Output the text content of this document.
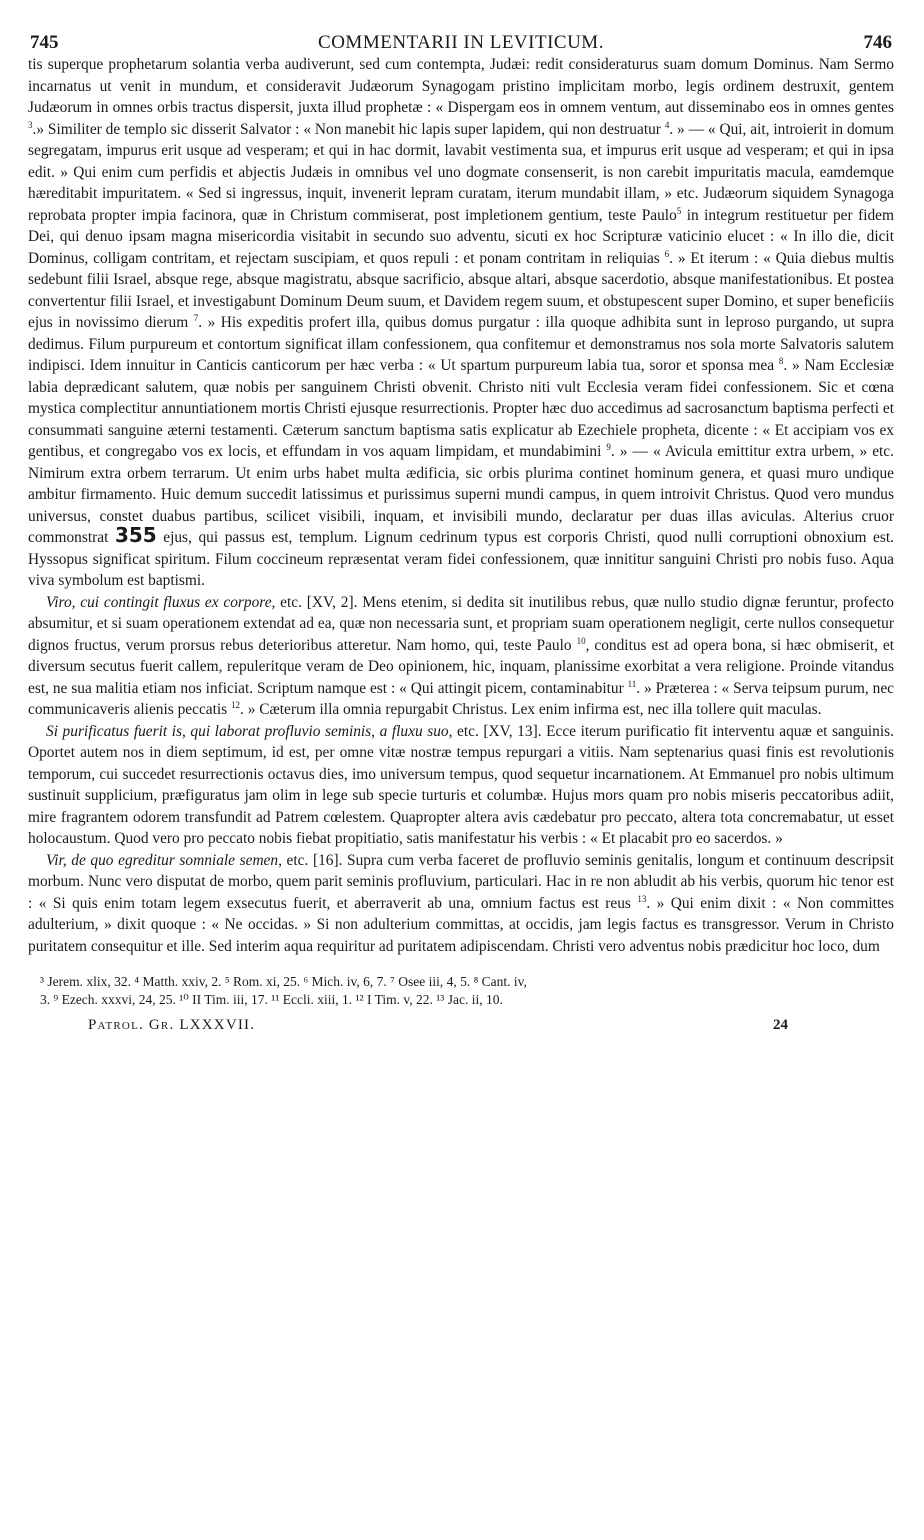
745	COMMENTARII IN LEVITICUM.	746

tis superque prophetarum solantia verba audiverunt, sed cum contempta, Judæi: redit consideraturus suam domum Dominus. Nam Sermo incarnatus ut venit in mundum, et consideravit Judæorum Synagogam pristino implicitam morbo, legis ordinem destruxit, gentem Judæorum in omnes orbis tractus dispersit, juxta illud prophetæ : « Dispergam eos in omnem ventum, aut disseminabo eos in omnes gentes $^3$.» Similiter de templo sic disserit Salvator : « Non manebit hic lapis super lapidem, qui non destruatur $^4$. » — « Qui, ait, introierit in domum segregatam, impurus erit usque ad vesperam; et qui in hac dormit, lavabit vestimenta sua, et impurus erit usque ad vesperam; et qui in ipsa edit. » Qui enim cum perfidis et abjectis Judæis in omnibus vel uno dogmate consenserit, is non carebit impuritatis macula, eamdemque hæreditabit impuritatem. « Sed si ingressus, inquit, invenerit lepram curatam, iterum mundabit illam, » etc. Judæorum siquidem Synagoga reprobata propter impia facinora, quæ in Christum commiserat, post impletionem gentium, teste Paulo$^5$ in integrum restituetur per fidem Dei, qui denuo ipsam magna misericordia visitabit in secundo suo adventu, sicuti ex hoc Scripturæ vaticinio elucet : « In illo die, dicit Dominus, colligam contritam, et rejectam suscipiam, et quos repuli : et ponam contritam in reliquias $^6$. » Et iterum : « Quia diebus multis sedebunt filii Israel, absque rege, absque magistratu, absque sacrificio, absque altari, absque sacerdotio, absque manifestationibus. Et postea convertentur filii Israel, et investigabunt Dominum Deum suum, et Davidem regem suum, et obstupescent super Domino, et super beneficiis ejus in novissimo dierum $^7$. » His expeditis profert illa, quibus domus purgatur : illa quoque adhibita sunt in leproso purgando, ut supra dedimus. Filum purpureum et contortum significat illam confessionem, qua confitemur et demonstramus nos sola morte Salvatoris salutem indipisci. Idem innuitur in Canticis canticorum per hæc verba : « Ut spartum purpureum labia tua, soror et sponsa mea $^8$. » Nam Ecclesiæ labia deprædicant salutem, quæ nobis per sanguinem Christi obvenit. Christo niti vult Ecclesia veram fidei confessionem. Sic et cœna mystica complectitur annuntiationem mortis Christi ejusque resurrectionis. Propter hæc duo accedimus ad sacrosanctum baptisma perfecti et consummati sanguine æterni testamenti. Cæterum sanctum baptisma satis explicatur ab Ezechiele propheta, dicente : « Et accipiam vos ex gentibus, et congregabo vos ex locis, et effundam in vos aquam limpidam, et mundabimini $^9$. » — « Avicula emittitur extra urbem, » etc. Nimirum extra orbem terrarum. Ut enim urbs habet multa ædificia, sic orbis plurima continet hominum genera, et quasi muro undique ambitur firmamento. Huic demum succedit latissimus et purissimus superni mundi campus, in quem introivit Christus. Quod vero mundus universus, constet duabus partibus, scilicet visibili, inquam, et invisibili mundo, declaratur per duas illas aviculas. Alterius cruor commonstrat 355 ejus, qui passus est, templum. Lignum cedrinum typus est corporis Christi, quod nulli corruptioni obnoxium est. Hyssopus significat spiritum. Filum coccineum repræsentat veram fidei confessionem, quæ innititur sanguini Christi pro nobis fuso. Aqua viva symbolum est baptismi.

Viro, cui contingit fluxus ex corpore, etc. [XV, 2]. Mens etenim, si dedita sit inutilibus rebus, quæ nullo studio dignæ feruntur, profecto absumitur, et si suam operationem extendat ad ea, quæ non necessaria sunt, et propriam suam operationem negligit, certe nullos consequetur dignos fructus, verum prorsus rebus deterioribus atteretur. Nam homo, qui, teste Paulo $^{10}$, conditus est ad opera bona, si hæc obmiserit, et diversum secutus fuerit callem, repuleritque veram de Deo opinionem, hic, inquam, planissime exorbitat a vera religione. Proinde vitandus est, ne sua malitia etiam nos inficiat. Scriptum namque est : « Qui attingit picem, contaminabitur $^{11}$. » Præterea : « Serva teipsum purum, nec communicaveris alienis peccatis $^{12}$. » Cæterum illa omnia repurgabit Christus. Lex enim infirma est, nec illa tollere quit maculas.

Si purificatus fuerit is, qui laborat profluvio seminis, a fluxu suo, etc. [XV, 13]. Ecce iterum purificatio fit interventu aquæ et sanguinis. Oportet autem nos in diem septimum, id est, per omne vitæ nostræ tempus repurgari a vitiis. Nam septenarius quasi finis est revolutionis temporum, cui succedet resurrectionis octavus dies, imo universum tempus, quod sequetur incarnationem. At Emmanuel pro nobis ultimum sustinuit supplicium, præfiguratus jam olim in lege sub specie turturis et columbæ. Hujus mors quam pro nobis miseris peccatoribus adiit, mire fragrantem odorem transfundit ad Patrem cœlestem. Quapropter altera avis cædebatur pro peccato, altera tota concremabatur, ut esset holocaustum. Quod vero pro peccato nobis fiebat propitiatio, satis manifestatur his verbis : « Et placabit pro eo sacerdos. »

Vir, de quo egreditur somniale semen, etc. [16]. Supra cum verba faceret de profluvio seminis genitalis, longum et continuum descripsit morbum. Nunc vero disputat de morbo, quem parit seminis profluvium, particulari. Hac in re non abludit ab his verbis, quorum hic tenor est : « Si quis enim totam legem exsecutus fuerit, et aberraverit ab una, omnium factus est reus $^{13}$. » Qui enim dixit : « Non committes adulterium, » dixit quoque : « Ne occidas. » Si non adulterium committas, at occidis, jam legis factus es transgressor. Verum in Christo puritatem consequitur et ille. Sed interim aqua requiritur ad puritatem adipiscendam. Christi vero adventus nobis prædicitur hoc loco, dum

³ Jerem. xlix, 32. ⁴ Matth. xxiv, 2. ⁵ Rom. xi, 25. ⁶ Mich. iv, 6, 7. ⁷ Osee iii, 4, 5. ⁸ Cant. iv,
3. ⁹ Ezech. xxxvi, 24, 25. ¹⁰ II Tim. iii, 17. ¹¹ Eccli. xiii, 1. ¹² I Tim. v, 22. ¹³ Jac. ii, 10.
Patrol. Gr. LXXXVII.	24
